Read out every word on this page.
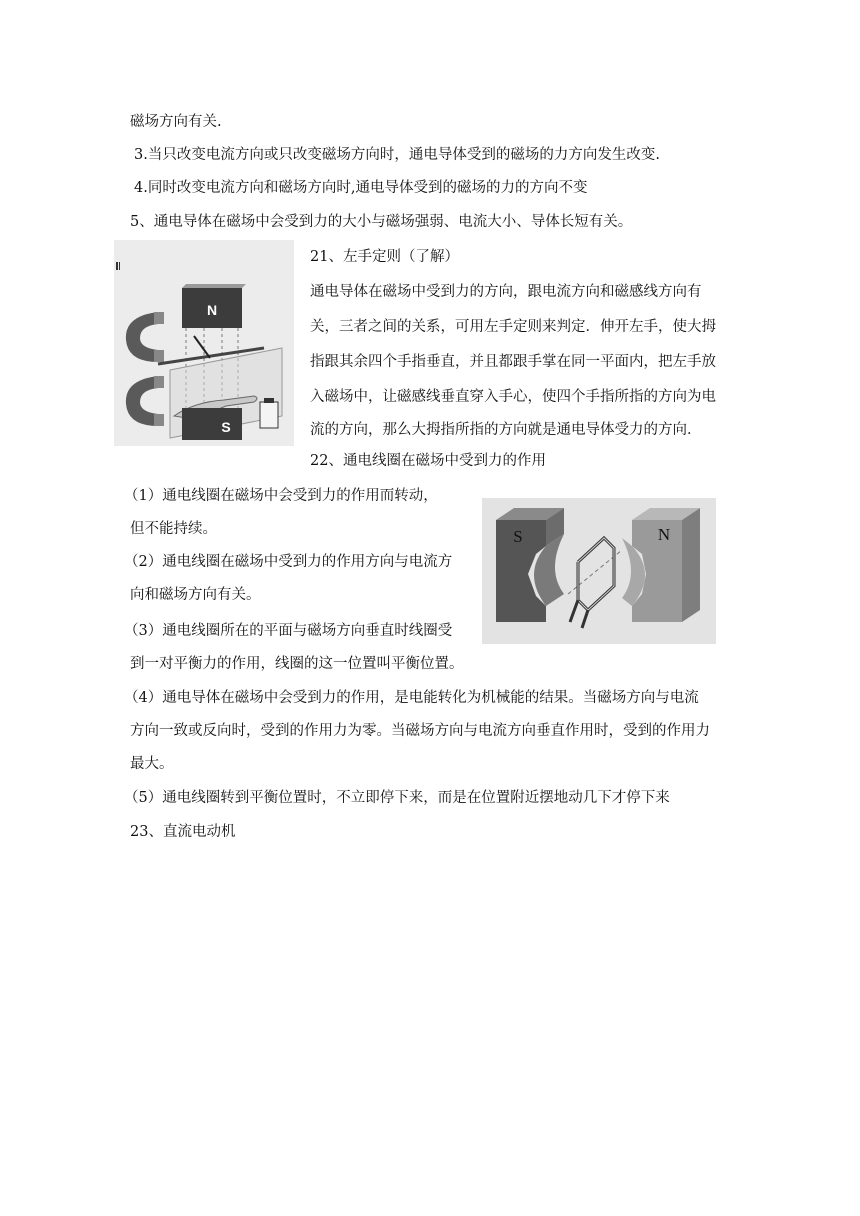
磁场方向有关.
3.当只改变电流方向或只改变磁场方向时，通电导体受到的磁场的力方向发生改变.
4.同时改变电流方向和磁场方向时,通电导体受到的磁场的力的方向不变
5、通电导体在磁场中会受到力的大小与磁场强弱、电流大小、导体长短有关。
N
S
21、左手定则（了解）
通电导体在磁场中受到力的方向，跟电流方向和磁感线方向有
关，三者之间的关系，可用左手定则来判定．伸开左手，使大拇
指跟其余四个手指垂直，并且都跟手掌在同一平面内，把左手放
入磁场中，让磁感线垂直穿入手心，使四个手指所指的方向为电
流的方向，那么大拇指所指的方向就是通电导体受力的方向．
22、通电线圈在磁场中受到力的作用
（1）通电线圈在磁场中会受到力的作用而转动，
但不能持续。
（2）通电线圈在磁场中受到力的作用方向与电流方
向和磁场方向有关。
（3）通电线圈所在的平面与磁场方向垂直时线圈受
到一对平衡力的作用，线圈的这一位置叫平衡位置。
S	N
（4）通电导体在磁场中会受到力的作用，是电能转化为机械能的结果。当磁场方向与电流
方向一致或反向时，受到的作用力为零。当磁场方向与电流方向垂直作用时，受到的作用力
最大。
（5）通电线圈转到平衡位置时，不立即停下来，而是在位置附近摆地动几下才停下来
23、直流电动机
